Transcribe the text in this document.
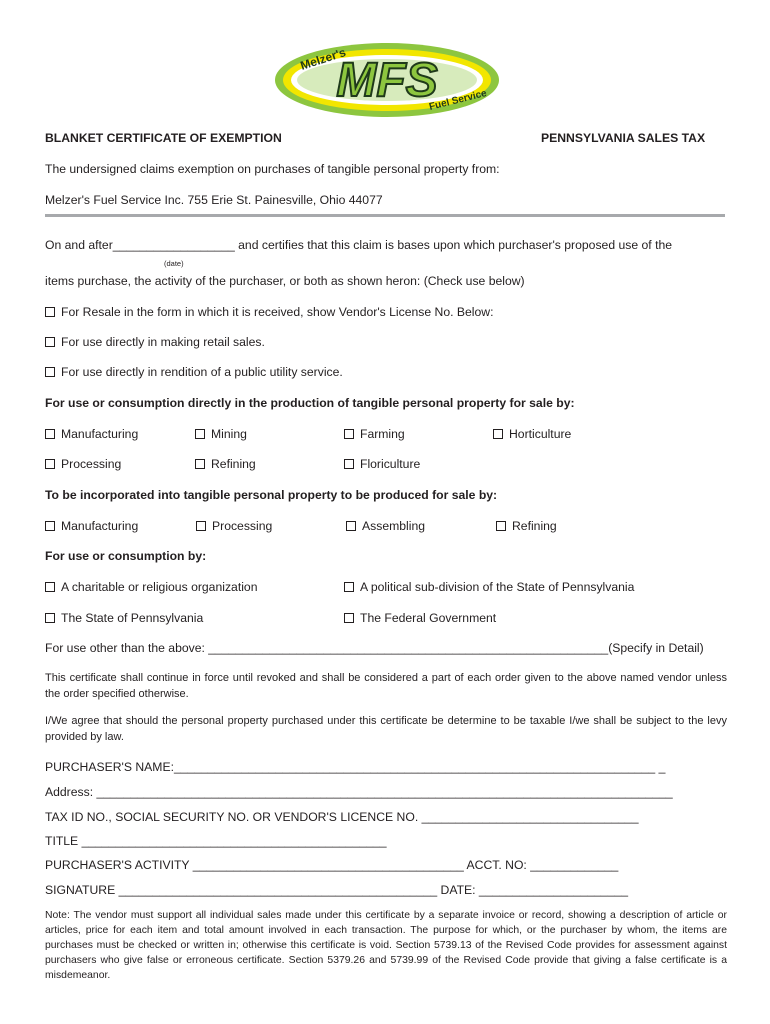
MFS
Melzer's
Fuel Service
BLANKET CERTIFICATE OF EXEMPTION	PENNSYLVANIA SALES TAX
The undersigned claims exemption on purchases of tangible personal property from:
Melzer's Fuel Service Inc. 755 Erie St. Painesville, Ohio 44077
On and after__________________ and certifies that this claim is bases upon which purchaser's proposed use of the
(date)
items purchase, the activity of the purchaser, or both as shown heron: (Check use below)
For Resale in the form in which it is received, show Vendor's License No. Below:
For use directly in making retail sales.
For use directly in rendition of a public utility service.
For use or consumption directly in the production of tangible personal property for sale by:
Manufacturing	Mining	Farming	Horticulture
Processing	Refining	Floriculture
To be incorporated into tangible personal property to be produced for sale by:
Manufacturing	Processing	Assembling	Refining
For use or consumption by:
A charitable or religious organization	A political sub-division of the State of Pennsylvania
The State of Pennsylvania	The Federal Government
For use other than the above: ___________________________________________________________(Specify in Detail)
This certificate shall continue in force until revoked and shall be considered a part of each order given to the above named vendor unless the order specified otherwise.
I/We agree that should the personal property purchased under this certificate be determine to be taxable I/we shall be subject to the levy provided by law.
PURCHASER'S NAME:_______________________________________________________________________ _
Address: _____________________________________________________________________________________
TAX ID NO., SOCIAL SECURITY NO. OR VENDOR'S LICENCE NO. ________________________________
TITLE _____________________________________________
PURCHASER'S ACTIVITY ________________________________________ ACCT. NO: _____________
SIGNATURE _______________________________________________ DATE: ______________________
Note: The vendor must support all individual sales made under this certificate by a separate invoice or record, showing a description of article or articles, price for each item and total amount involved in each transaction. The purpose for which, or the purchaser by whom, the items are purchases must be checked or written in; otherwise this certificate is void. Section 5739.13 of the Revised Code provides for assessment against purchasers who give false or erroneous certificate. Section 5379.26 and 5739.99 of the Revised Code provide that giving a false certificate is a misdemeanor.
